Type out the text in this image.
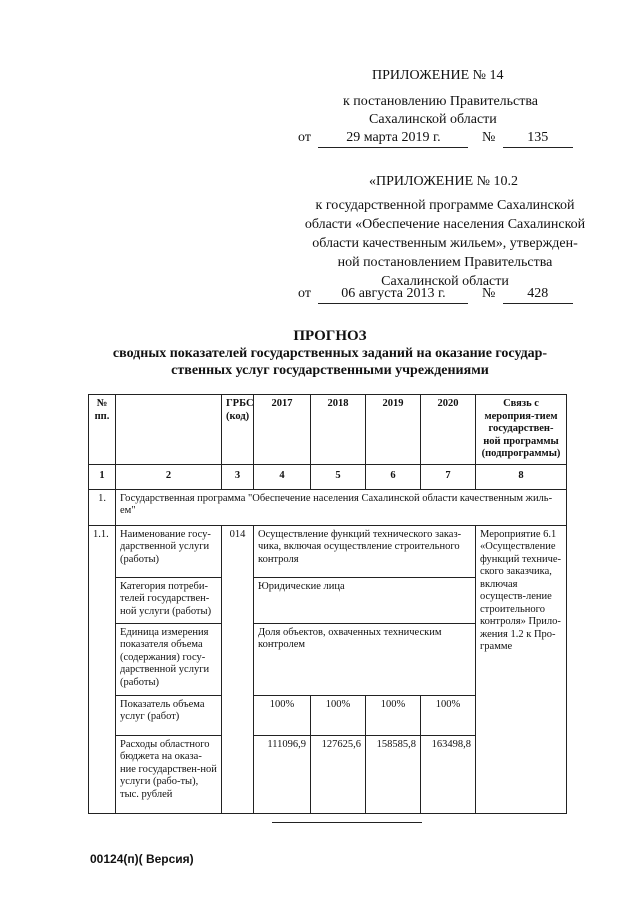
ПРИЛОЖЕНИЕ № 14
к постановлению Правительства
Сахалинской области
от	29 марта 2019 г.	№ 135
«ПРИЛОЖЕНИЕ № 10.2
к государственной программе Сахалинской
области «Обеспечение населения Сахалинской
области качественным жильем», утвержден-
ной постановлением Правительства
Сахалинской области
от 06 августа 2013 г.	№ 428
ПРОГНОЗ
сводных показателей государственных заданий на оказание государ-
ственных услуг государственными учреждениями
№ пп.		ГРБС (код)	2017	2018	2019	2020	Связь с мероприя-тием государствен-ной программы (подпрограммы)
1	2	3	4	5	6	7	8
1.	Государственная программа "Обеспечение населения Сахалинской области качественным жиль-ем"						
1.1.	Наименование госу-дарственной услуги (работы)	014	Осуществление функций технического заказ-чика, включая осуществление строительного контроля				Мероприятие 6.1 «Осуществление функций техниче-ского заказчика, включая осуществ-ление строительного контроля» Прило-жения 1.2 к Про-грамме
	Категория потреби-телей государствен-ной услуги (работы)		Юридические лица				
	Единица измерения показателя объема (содержания) госу-дарственной услуги (работы)		Доля объектов, охваченных техническим контролем				
	Показатель объема услуг (работ)		100%	100%	100%	100%	
	Расходы областного бюджета на оказа-ние государствен-ной услуги (рабо-ты), тыс. рублей		111096,9	127625,6	158585,8	163498,8	
00124(п)( Версия)
